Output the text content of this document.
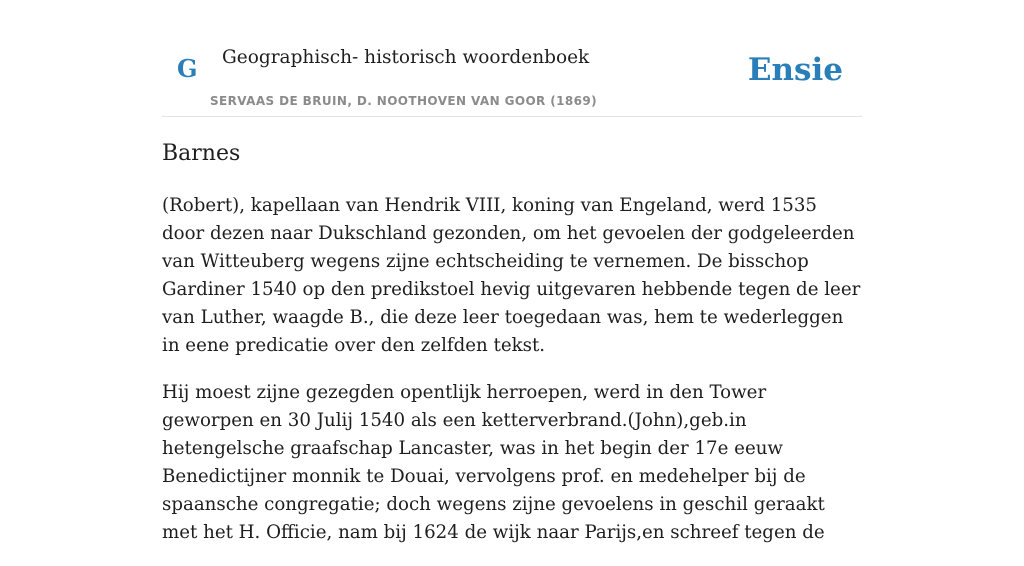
G Geographisch- historisch woordenboek
SERVAAS DE BRUIN, D. NOOTHOVEN VAN GOOR (1869)
Ensie
Barnes

(Robert), kapellaan van Hendrik VIII, koning van Engeland, werd 1535 door dezen naar Dukschland gezonden, om het gevoelen der godgeleerden van Witteuberg wegens zijne echtscheiding te vernemen. De bisschop Gardiner 1540 op den predikstoel hevig uitgevaren hebbende tegen de leer van Luther, waagde B., die deze leer toegedaan was, hem te wederleggen in eene predicatie over den zelfden tekst.

Hij moest zijne gezegden opentlijk herroepen, werd in den Tower geworpen en 30 Julij 1540 als een ketterverbrand.(John),geb.in hetengelsche graafschap Lancaster, was in het begin der 17e eeuw Benedictijner monnik te Douai, vervolgens prof. en medehelper bij de spaansche congregatie; doch wegens zijne gevoelens in geschil geraakt met het H. Officie, nam bij 1624 de wijk naar Parijs,en schreef tegen de
